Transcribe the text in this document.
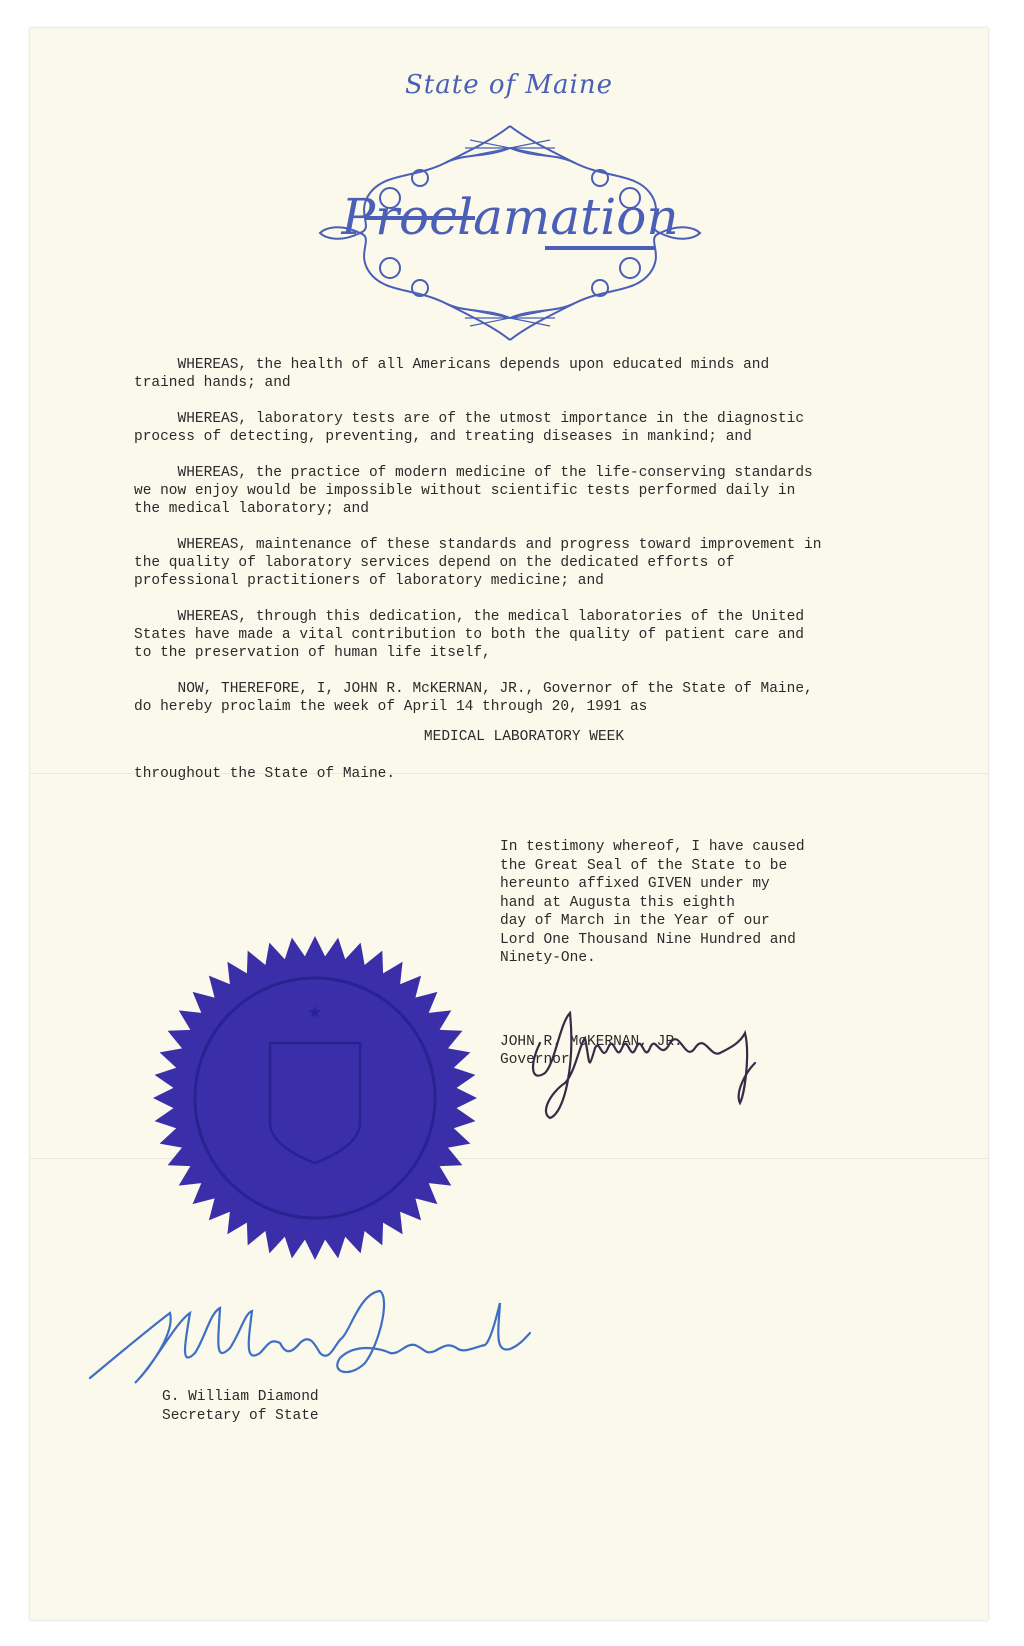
State of Maine
Proclamation

WHEREAS, the health of all Americans depends upon educated minds and
trained hands; and

WHEREAS, laboratory tests are of the utmost importance in the diagnostic
process of detecting, preventing, and treating diseases in mankind; and

WHEREAS, the practice of modern medicine of the life-conserving standards
we now enjoy would be impossible without scientific tests performed daily in
the medical laboratory; and

WHEREAS, maintenance of these standards and progress toward improvement in
the quality of laboratory services depend on the dedicated efforts of
professional practitioners of laboratory medicine; and

WHEREAS, through this dedication, the medical laboratories of the United
States have made a vital contribution to both the quality of patient care and
to the preservation of human life itself,

NOW, THEREFORE, I, JOHN R. McKERNAN, JR., Governor of the State of Maine,
do hereby proclaim the week of April 14 through 20, 1991 as

MEDICAL LABORATORY WEEK
throughout the State of Maine.
In testimony whereof, I have caused
the Great Seal of the State to be
hereunto affixed GIVEN under my
hand at Augusta this eighth
day of March in the Year of our
Lord One Thousand Nine Hundred and
Ninety-One.
JOHN R. McKERNAN, JR.
Governor
★
G. William Diamond
Secretary of State
